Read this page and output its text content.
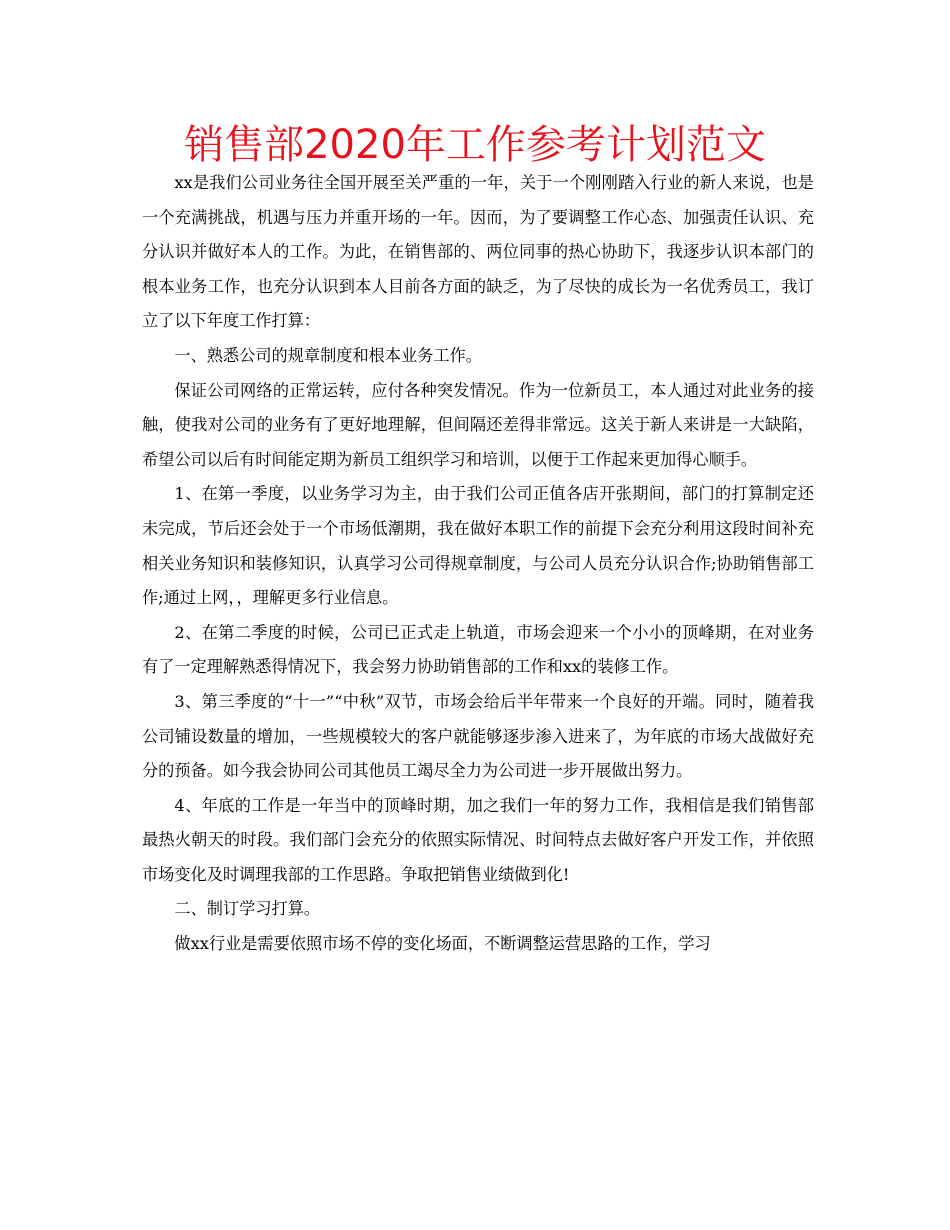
销售部2020年工作参考计划范文

xx是我们公司业务往全国开展至关严重的一年，关于一个刚刚踏入行业的新人来说，也是一个充满挑战，机遇与压力并重开场的一年。因而，为了要调整工作心态、加强责任认识、充分认识并做好本人的工作。为此，在销售部的、两位同事的热心协助下，我逐步认识本部门的根本业务工作，也充分认识到本人目前各方面的缺乏，为了尽快的成长为一名优秀员工，我订立了以下年度工作打算：

一、熟悉公司的规章制度和根本业务工作。

保证公司网络的正常运转，应付各种突发情况。作为一位新员工，本人通过对此业务的接触，使我对公司的业务有了更好地理解，但间隔还差得非常远。这关于新人来讲是一大缺陷，希望公司以后有时间能定期为新员工组织学习和培训，以便于工作起来更加得心顺手。

1、在第一季度，以业务学习为主，由于我们公司正值各店开张期间，部门的打算制定还未完成，节后还会处于一个市场低潮期，我在做好本职工作的前提下会充分利用这段时间补充相关业务知识和装修知识，认真学习公司得规章制度，与公司人员充分认识合作;协助销售部工作;通过上网，，理解更多行业信息。

2、在第二季度的时候，公司已正式走上轨道，市场会迎来一个小小的顶峰期，在对业务有了一定理解熟悉得情况下，我会努力协助销售部的工作和xx的装修工作。

3、第三季度的“十一”“中秋”双节，市场会给后半年带来一个良好的开端。同时，随着我公司铺设数量的增加，一些规模较大的客户就能够逐步渗入进来了，为年底的市场大战做好充分的预备。如今我会协同公司其他员工竭尽全力为公司进一步开展做出努力。

4、年底的工作是一年当中的顶峰时期，加之我们一年的努力工作，我相信是我们销售部最热火朝天的时段。我们部门会充分的依照实际情况、时间特点去做好客户开发工作，并依照市场变化及时调理我部的工作思路。争取把销售业绩做到化!

二、制订学习打算。

做xx行业是需要依照市场不停的变化场面，不断调整运营思路的工作，学习
